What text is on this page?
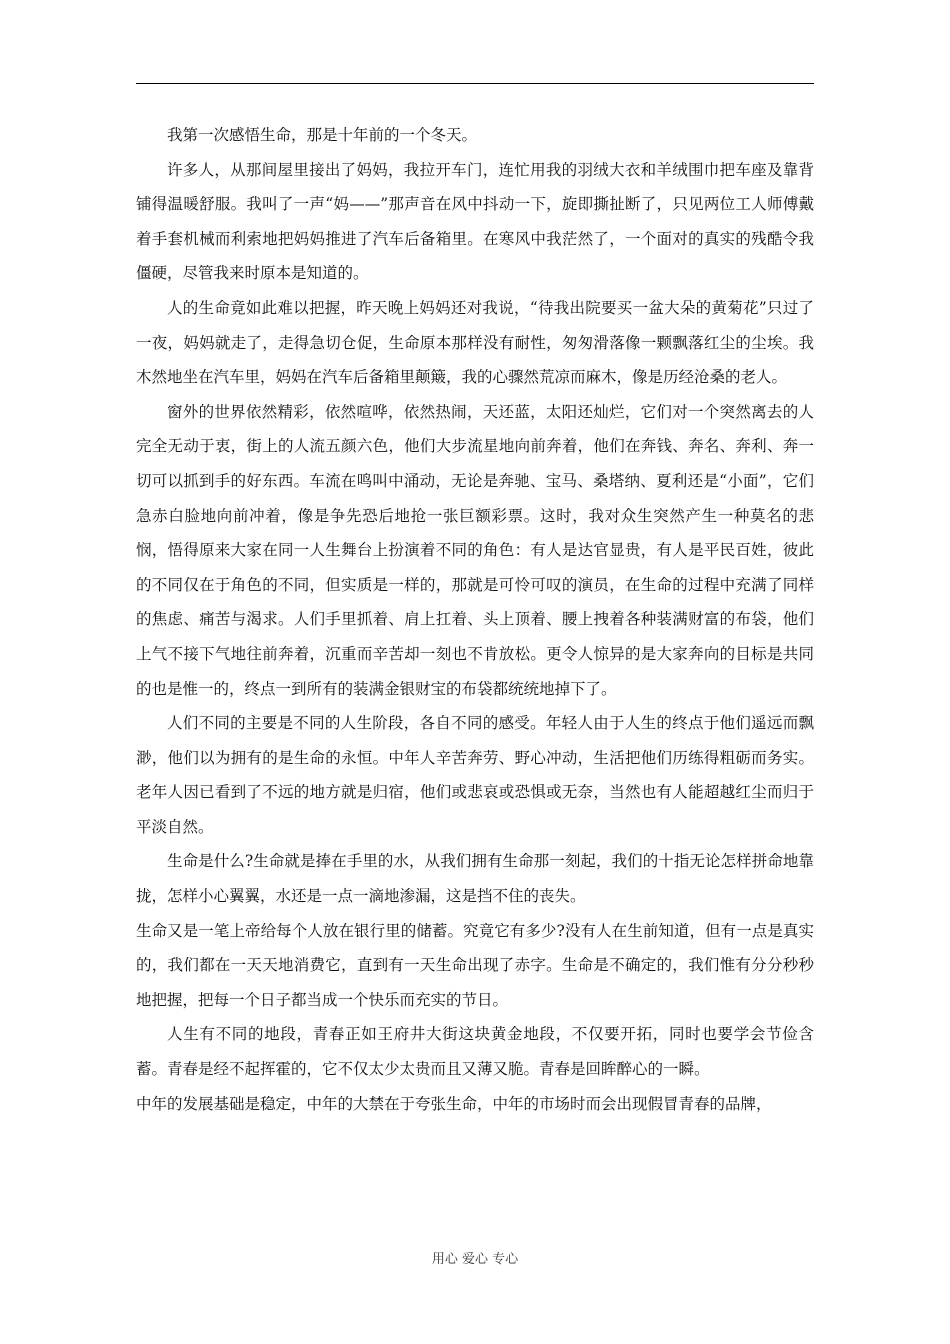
我第一次感悟生命，那是十年前的一个冬天。

许多人，从那间屋里接出了妈妈，我拉开车门，连忙用我的羽绒大衣和羊绒围巾把车座及靠背铺得温暖舒服。我叫了一声“妈——”那声音在风中抖动一下，旋即撕扯断了，只见两位工人师傅戴着手套机械而利索地把妈妈推进了汽车后备箱里。在寒风中我茫然了，一个面对的真实的残酷令我僵硬，尽管我来时原本是知道的。

人的生命竟如此难以把握，昨天晚上妈妈还对我说，“待我出院要买一盆大朵的黄菊花”只过了一夜，妈妈就走了，走得急切仓促，生命原本那样没有耐性，匆匆滑落像一颗飘落红尘的尘埃。我木然地坐在汽车里，妈妈在汽车后备箱里颠簸，我的心骤然荒凉而麻木，像是历经沧桑的老人。

窗外的世界依然精彩，依然喧哗，依然热闹，天还蓝，太阳还灿烂，它们对一个突然离去的人完全无动于衷，街上的人流五颜六色，他们大步流星地向前奔着，他们在奔钱、奔名、奔利、奔一切可以抓到手的好东西。车流在鸣叫中涌动，无论是奔驰、宝马、桑塔纳、夏利还是“小面”，它们急赤白脸地向前冲着，像是争先恐后地抢一张巨额彩票。这时，我对众生突然产生一种莫名的悲悯，悟得原来大家在同一人生舞台上扮演着不同的角色：有人是达官显贵，有人是平民百姓，彼此的不同仅在于角色的不同，但实质是一样的，那就是可怜可叹的演员，在生命的过程中充满了同样的焦虑、痛苦与渴求。人们手里抓着、肩上扛着、头上顶着、腰上拽着各种装满财富的布袋，他们上气不接下气地往前奔着，沉重而辛苦却一刻也不肯放松。更令人惊异的是大家奔向的目标是共同的也是惟一的，终点一到所有的装满金银财宝的布袋都统统地掉下了。

人们不同的主要是不同的人生阶段，各自不同的感受。年轻人由于人生的终点于他们遥远而飘渺，他们以为拥有的是生命的永恒。中年人辛苦奔劳、野心冲动，生活把他们历练得粗砺而务实。老年人因已看到了不远的地方就是归宿，他们或悲哀或恐惧或无奈，当然也有人能超越红尘而归于平淡自然。

生命是什么?生命就是捧在手里的水，从我们拥有生命那一刻起，我们的十指无论怎样拼命地靠拢，怎样小心翼翼，水还是一点一滴地渗漏，这是挡不住的丧失。

生命又是一笔上帝给每个人放在银行里的储蓄。究竟它有多少?没有人在生前知道，但有一点是真实的，我们都在一天天地消费它，直到有一天生命出现了赤字。生命是不确定的，我们惟有分分秒秒地把握，把每一个日子都当成一个快乐而充实的节日。

人生有不同的地段，青春正如王府井大街这块黄金地段，不仅要开拓，同时也要学会节俭含蓄。青春是经不起挥霍的，它不仅太少太贵而且又薄又脆。青春是回眸醉心的一瞬。

中年的发展基础是稳定，中年的大禁在于夸张生命，中年的市场时而会出现假冒青春的品牌，

用心 爱心 专心
